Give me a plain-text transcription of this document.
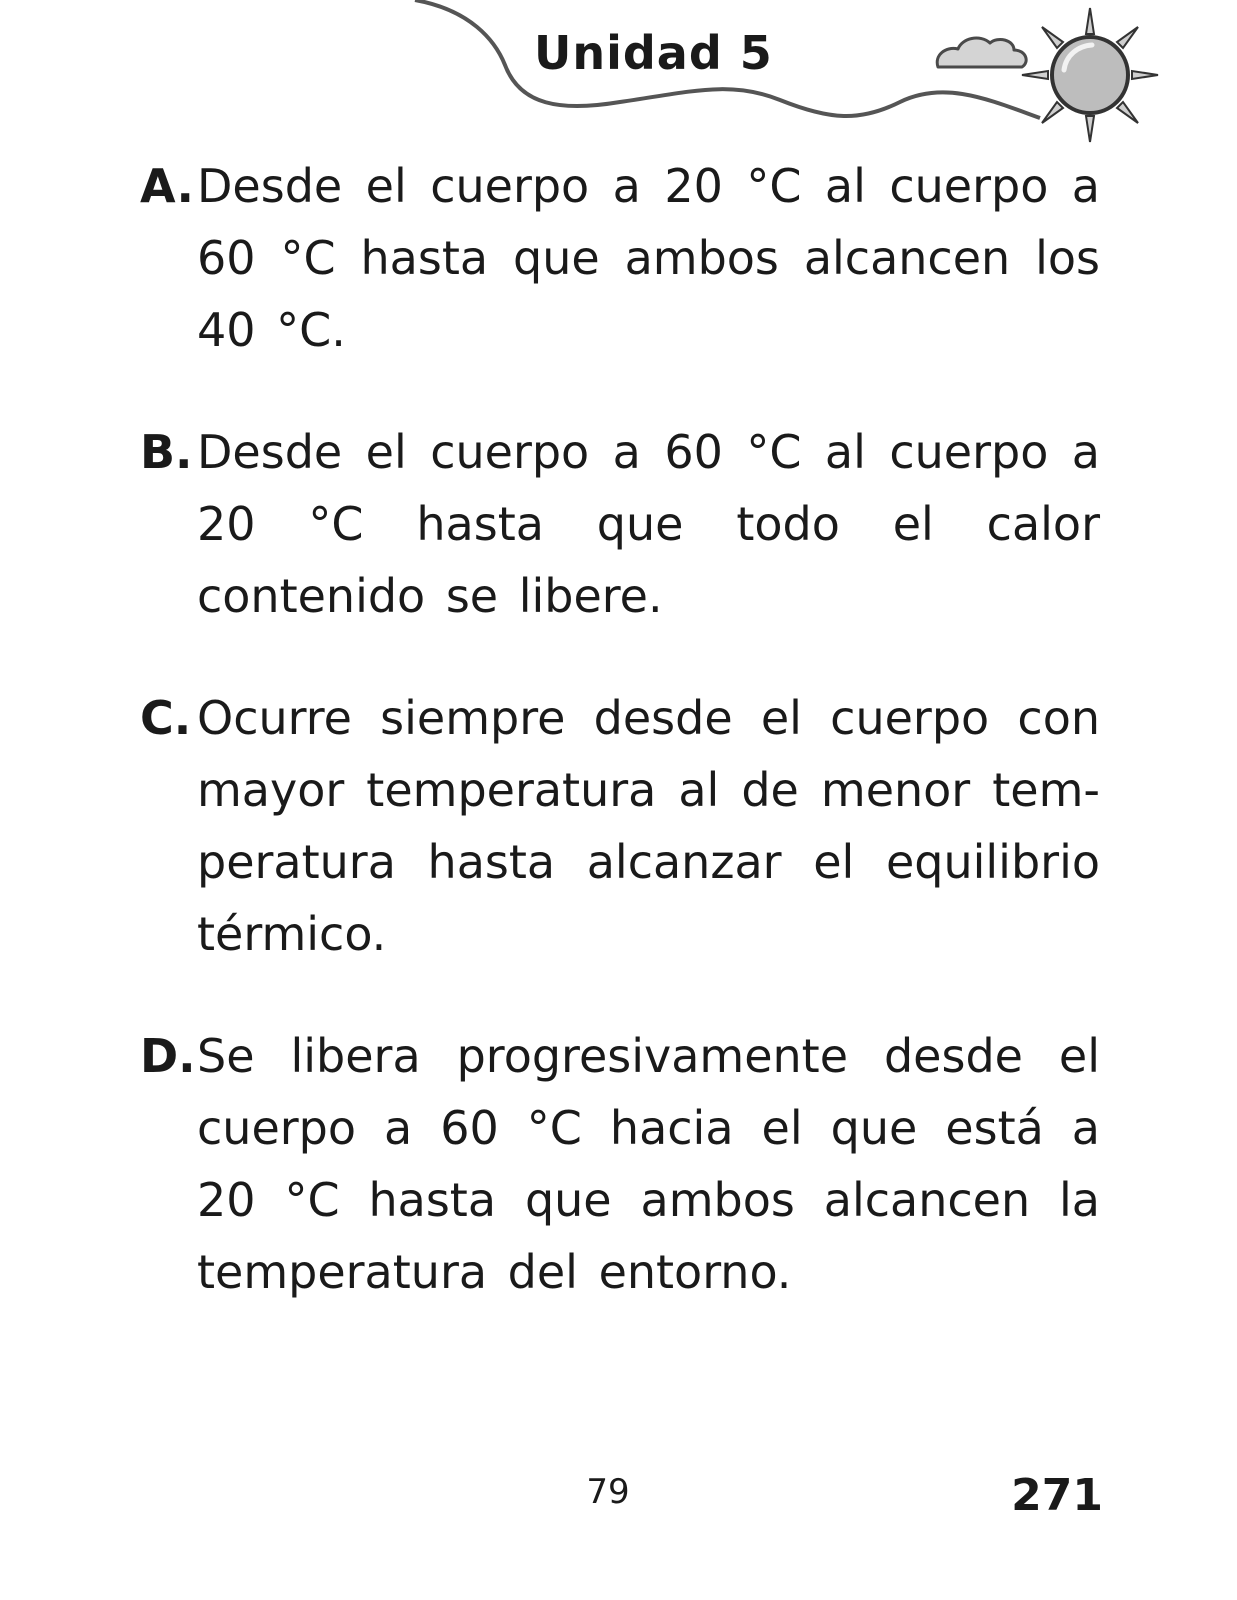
Unidad 5
A. Desde el cuerpo a 20 °C al cuerpo a 60 °C hasta que ambos alcancen los 40 °C.
B. Desde el cuerpo a 60 °C al cuerpo a 20 °C hasta que todo el calor contenido se libere.
C. Ocurre siempre desde el cuerpo con mayor temperatura al de menor temperatura hasta alcanzar el equilibrio térmico.
D. Se libera progresivamente desde el cuerpo a 60 °C hacia el que está a 20 °C hasta que ambos alcancen la temperatura del entorno.
79	271
